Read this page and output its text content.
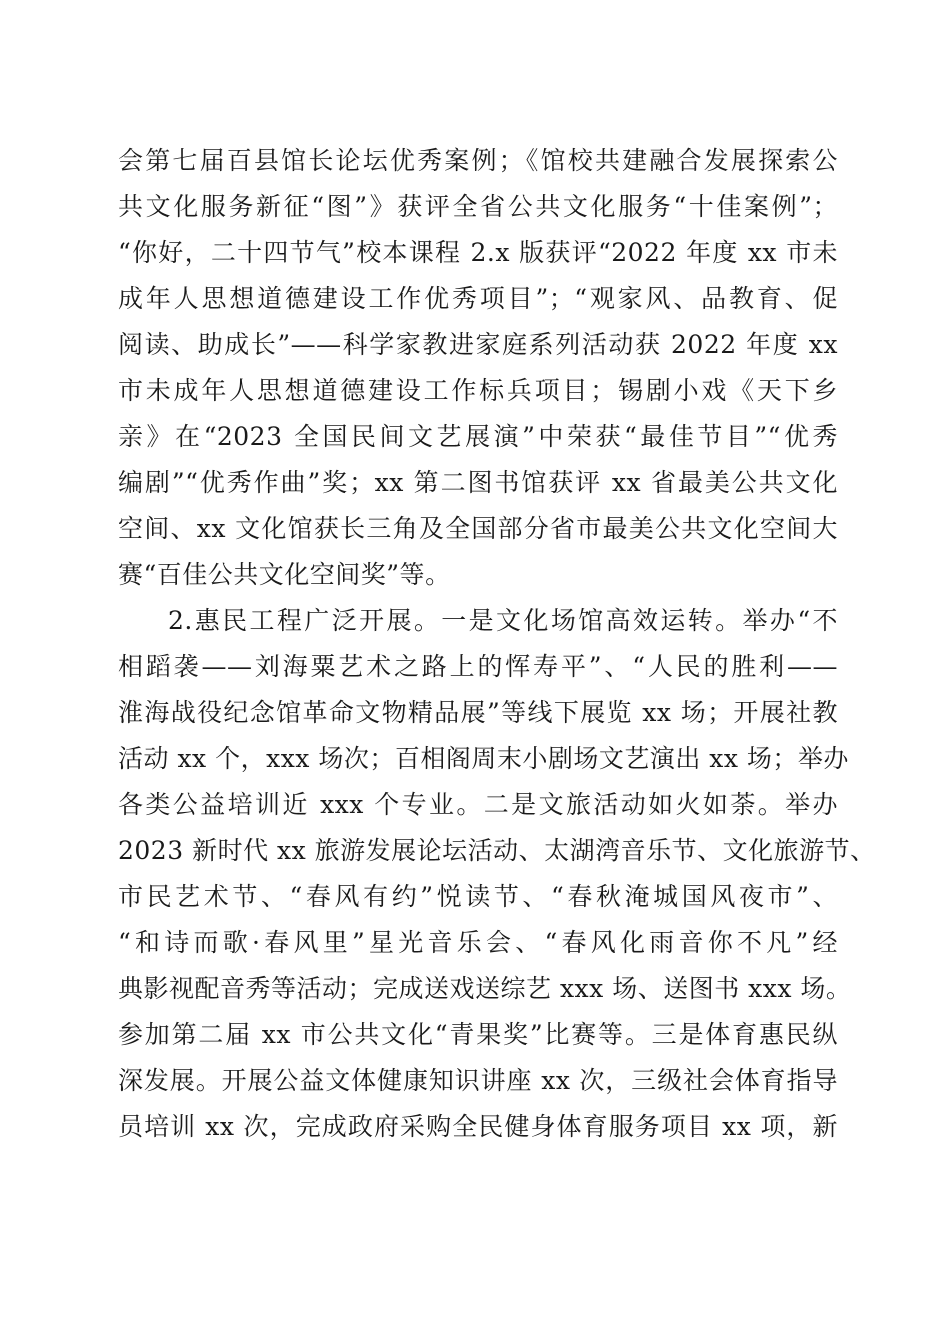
会第七届百县馆长论坛优秀案例；《馆校共建融合发展探索公
共文化服务新征“图”》获评全省公共文化服务“十佳案例”；
“你好，二十四节气”校本课程 2.x 版获评“2022 年度 xx 市未
成年人思想道德建设工作优秀项目”；“观家风、品教育、促
阅读、助成长”——科学家教进家庭系列活动获 2022 年度 xx
市未成年人思想道德建设工作标兵项目；锡剧小戏《天下乡
亲》在“2023 全国民间文艺展演”中荣获“最佳节目”“优秀
编剧”“优秀作曲”奖；xx 第二图书馆获评 xx 省最美公共文化
空间、xx 文化馆获长三角及全国部分省市最美公共文化空间大
赛“百佳公共文化空间奖”等。
2.惠民工程广泛开展。一是文化场馆高效运转。举办“不
相蹈袭——刘海粟艺术之路上的恽寿平”、“人民的胜利——
淮海战役纪念馆革命文物精品展”等线下展览 xx 场；开展社教
活动 xx 个，xxx 场次；百相阁周末小剧场文艺演出 xx 场；举办
各类公益培训近 xxx 个专业。二是文旅活动如火如荼。举办
2023 新时代 xx 旅游发展论坛活动、太湖湾音乐节、文化旅游节、
市民艺术节、“春风有约”悦读节、“春秋淹城国风夜市”、
“和诗而歌·春风里”星光音乐会、“春风化雨音你不凡”经
典影视配音秀等活动；完成送戏送综艺 xxx 场、送图书 xxx 场。
参加第二届 xx 市公共文化“青果奖”比赛等。三是体育惠民纵
深发展。开展公益文体健康知识讲座 xx 次，三级社会体育指导
员培训 xx 次，完成政府采购全民健身体育服务项目 xx 项，新
